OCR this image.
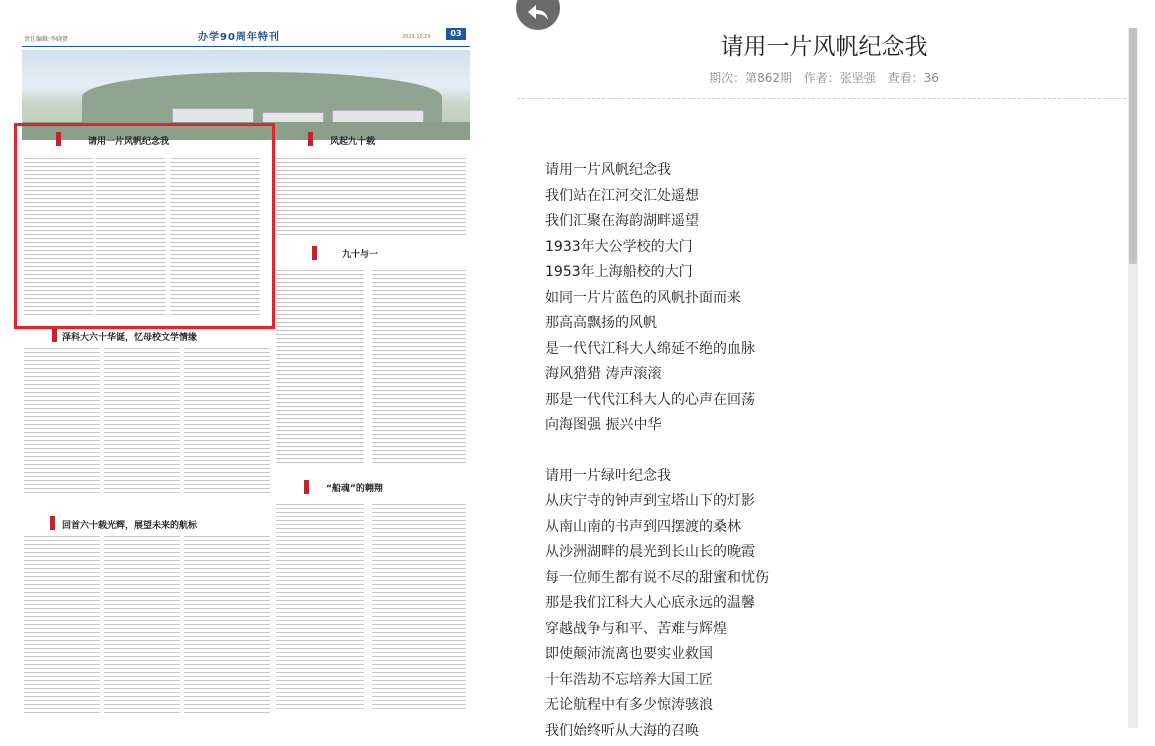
责任编辑:李晓贤	办学90周年特刊	2023.10.29	03
请用一片风帆纪念我	风起九十载
九十与一
泽科大六十华诞，忆母校文学情缘
回首六十载光辉，展望未来的航标
“船魂”的翱翔
请用一片风帆纪念我
期次：第862期 作者：张坚强 查看：36
请用一片风帆纪念我
我们站在江河交汇处遥想
我们汇聚在海韵湖畔遥望
1933年大公学校的大门
1953年上海船校的大门
如同一片片蓝色的风帆扑面而来
那高高飘扬的风帆
是一代代江科大人绵延不绝的血脉
海风猎猎 涛声滚滚
那是一代代江科大人的心声在回荡
向海图强 振兴中华
请用一片绿叶纪念我
从庆宁寺的钟声到宝塔山下的灯影
从南山南的书声到四摆渡的桑林
从沙洲湖畔的晨光到长山长的晚霞
每一位师生都有说不尽的甜蜜和忧伤
那是我们江科大人心底永远的温馨
穿越战争与和平、苦难与辉煌
即使颠沛流离也要实业救国
十年浩劫不忘培养大国工匠
无论航程中有多少惊涛骇浪
我们始终听从大海的召唤
